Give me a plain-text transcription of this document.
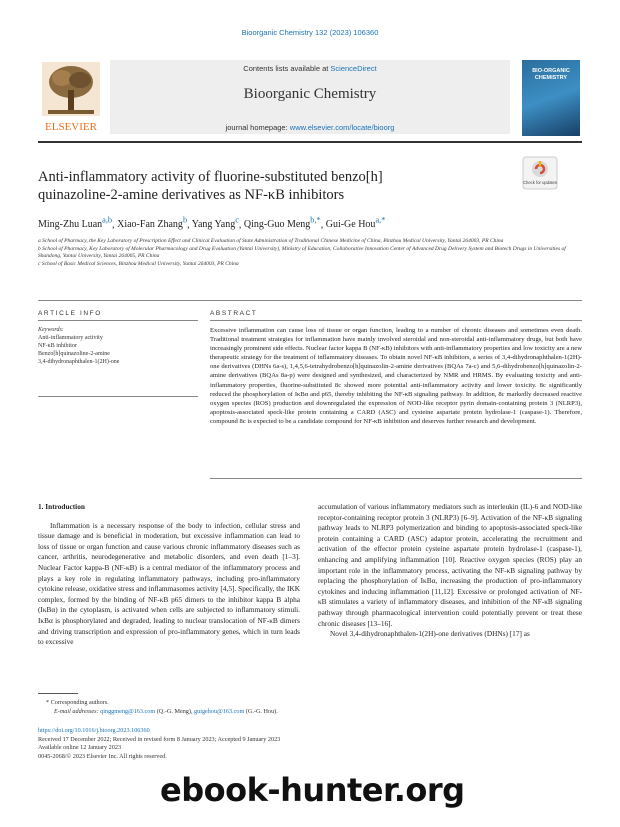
Bioorganic Chemistry 132 (2023) 106360
ELSEVIER
Contents lists available at ScienceDirect
Bioorganic Chemistry
journal homepage: www.elsevier.com/locate/bioorg
BIO-ORGANIC CHEMISTRY
Anti-inflammatory activity of fluorine-substituted benzo[h]
quinazoline-2-amine derivatives as NF-κB inhibitors
Check for updates
Ming-Zhu Luan$^{a,b}$, Xiao-Fan Zhang$^b$, Yang Yang$^c$, Qing-Guo Meng$^{b,*}$, Gui-Ge Hou$^{a,*}$

a School of Pharmacy, the Key Laboratory of Prescription Effect and Clinical Evaluation of State Administration of Traditional Chinese Medicine of China, Binzhou Medical University, Yantai 264003, PR China

b School of Pharmacy, Key Laboratory of Molecular Pharmacology and Drug Evaluation (Yantai University), Ministry of Education, Collaborative Innovation Center of Advanced Drug Delivery System and Biotech Drugs in Universities of Shandong, Yantai University, Yantai 264005, PR China

c School of Basic Medical Sciences, Binzhou Medical University, Yantai 264003, PR China

ARTICLE INFO	ABSTRACT
Keywords:
Anti-inflammatory activity
NF-κB inhibitor
Benzo[h]quinazoline-2-amine
3,4-dihydronaphthalen-1(2H)-one
Excessive inflammation can cause loss of tissue or organ function, leading to a number of chronic diseases and sometimes even death. Traditional treatment strategies for inflammation have mainly involved steroidal and non-steroidal anti-inflammatory drugs, but both have increasingly prominent side effects. Nuclear factor kappa B (NF-κB) inhibitors with anti-inflammatory properties and low toxicity are a new therapeutic strategy for the treatment of inflammatory diseases. To obtain novel NF-κB inhibitors, a series of 3,4-dihydronaphthalen-1(2H)-one derivatives (DHNs 6a-s), 1,4,5,6-tetrahydrobenzo[h]quinazolin-2-amine derivatives (BQAs 7a-c) and 5,6-dihydrobenzo[h]quinazolin-2-amine derivatives (BQAs 8a-p) were designed and synthesized, and characterized by NMR and HRMS. By evaluating toxicity and anti-inflammatory properties, fluorine-substituted 8c showed more potential anti-inflammatory activity and lower toxicity. 8c significantly reduced the phosphorylation of IκBα and p65, thereby inhibiting the NF-κB signaling pathway. In addition, 8c markedly decreased reactive oxygen species (ROS) production and downregulated the expression of NOD-like receptor pyrin domain-containing protein 3 (NLRP3), apoptosis-associated speck-like protein containing a CARD (ASC) and cysteine aspartate protein hydrolase-1 (caspase-1). Therefore, compound 8c is expected to be a candidate compound for NF-κB inhibition and deserves further research and development.
1. Introduction

Inflammation is a necessary response of the body to infection, cellular stress and tissue damage and is beneficial in moderation, but excessive inflammation can lead to loss of tissue or organ function and cause various chronic inflammatory diseases such as cancer, arthritis, neurodegenerative and metabolic disorders, and even death [1–3]. Nuclear Factor kappa-B (NF-κB) is a central mediator of the inflammatory process and plays a key role in regulating inflammatory pathways, including pro-inflammatory cytokine release, oxidative stress and inflammasomes activity [4,5]. Specifically, the IKK complex, formed by the binding of NF-κB p65 dimers to the inhibitor kappa B alpha (IκBα) in the cytoplasm, is activated when cells are subjected to inflammatory stimuli. IκBα is phosphorylated and degraded, leading to nuclear translocation of NF-κB dimers and driving transcription and expression of pro-inflammatory genes, which in turn leads to excessive

accumulation of various inflammatory mediators such as interleukin (IL)-6 and NOD-like receptor-containing receptor protein 3 (NLRP3) [6–9]. Activation of the NF-κB signaling pathway leads to NLRP3 polymerization and binding to apoptosis-associated speck-like protein containing a CARD (ASC) adaptor protein, accelerating the recruitment and activation of the effector protein cysteine aspartate protein hydrolase-1 (caspase-1), enhancing and amplifying inflammation [10]. Reactive oxygen species (ROS) play an important role in the inflammatory process, activating the NF-κB signaling pathway by replacing the phosphorylation of IκBα, increasing the production of pro-inflammatory cytokines and inducing inflammation [11,12]. Excessive or prolonged activation of NF-κB stimulates a variety of inflammatory diseases, and inhibition of the NF-κB signaling pathway through pharmacological intervention could potentially prevent or treat these chronic diseases [13–16].

Novel 3,4-dihydronaphthalen-1(2H)-one derivatives (DHNs) [17] as

* Corresponding authors.
E-mail addresses: qinggmeng@163.com (Q.-G. Meng), guigehou@163.com (G.-G. Hou).
https://doi.org/10.1016/j.bioorg.2023.106360
Received 17 December 2022; Received in revised form 8 January 2023; Accepted 9 January 2023
Available online 12 January 2023
0045-2068/© 2023 Elsevier Inc. All rights reserved.
ebook-hunter.org
